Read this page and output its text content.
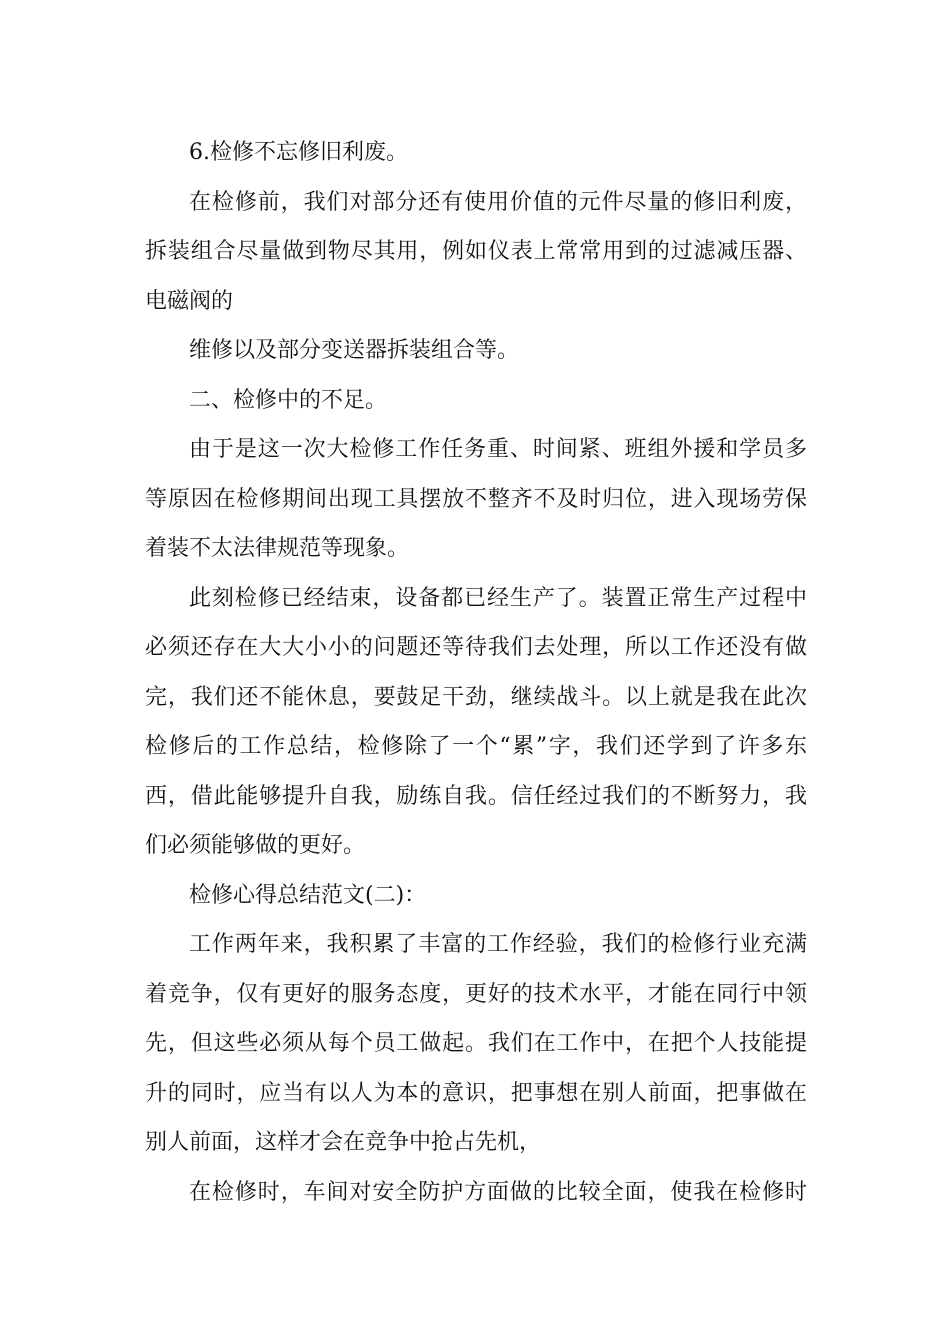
6.检修不忘修旧利废。
在检修前，我们对部分还有使用价值的元件尽量的修旧利废，
拆装组合尽量做到物尽其用，例如仪表上常常用到的过滤减压器、
电磁阀的
维修以及部分变送器拆装组合等。
二、检修中的不足。
由于是这一次大检修工作任务重、时间紧、班组外援和学员多
等原因在检修期间出现工具摆放不整齐不及时归位，进入现场劳保
着装不太法律规范等现象。
此刻检修已经结束，设备都已经生产了。装置正常生产过程中
必须还存在大大小小的问题还等待我们去处理，所以工作还没有做
完，我们还不能休息，要鼓足干劲，继续战斗。以上就是我在此次
检修后的工作总结，检修除了一个“累”字，我们还学到了许多东
西，借此能够提升自我，励练自我。信任经过我们的不断努力，我
们必须能够做的更好。
检修心得总结范文(二)：
工作两年来，我积累了丰富的工作经验，我们的检修行业充满
着竞争，仅有更好的服务态度，更好的技术水平，才能在同行中领
先，但这些必须从每个员工做起。我们在工作中，在把个人技能提
升的同时，应当有以人为本的意识，把事想在别人前面，把事做在
别人前面，这样才会在竞争中抢占先机，
在检修时，车间对安全防护方面做的比较全面，使我在检修时
